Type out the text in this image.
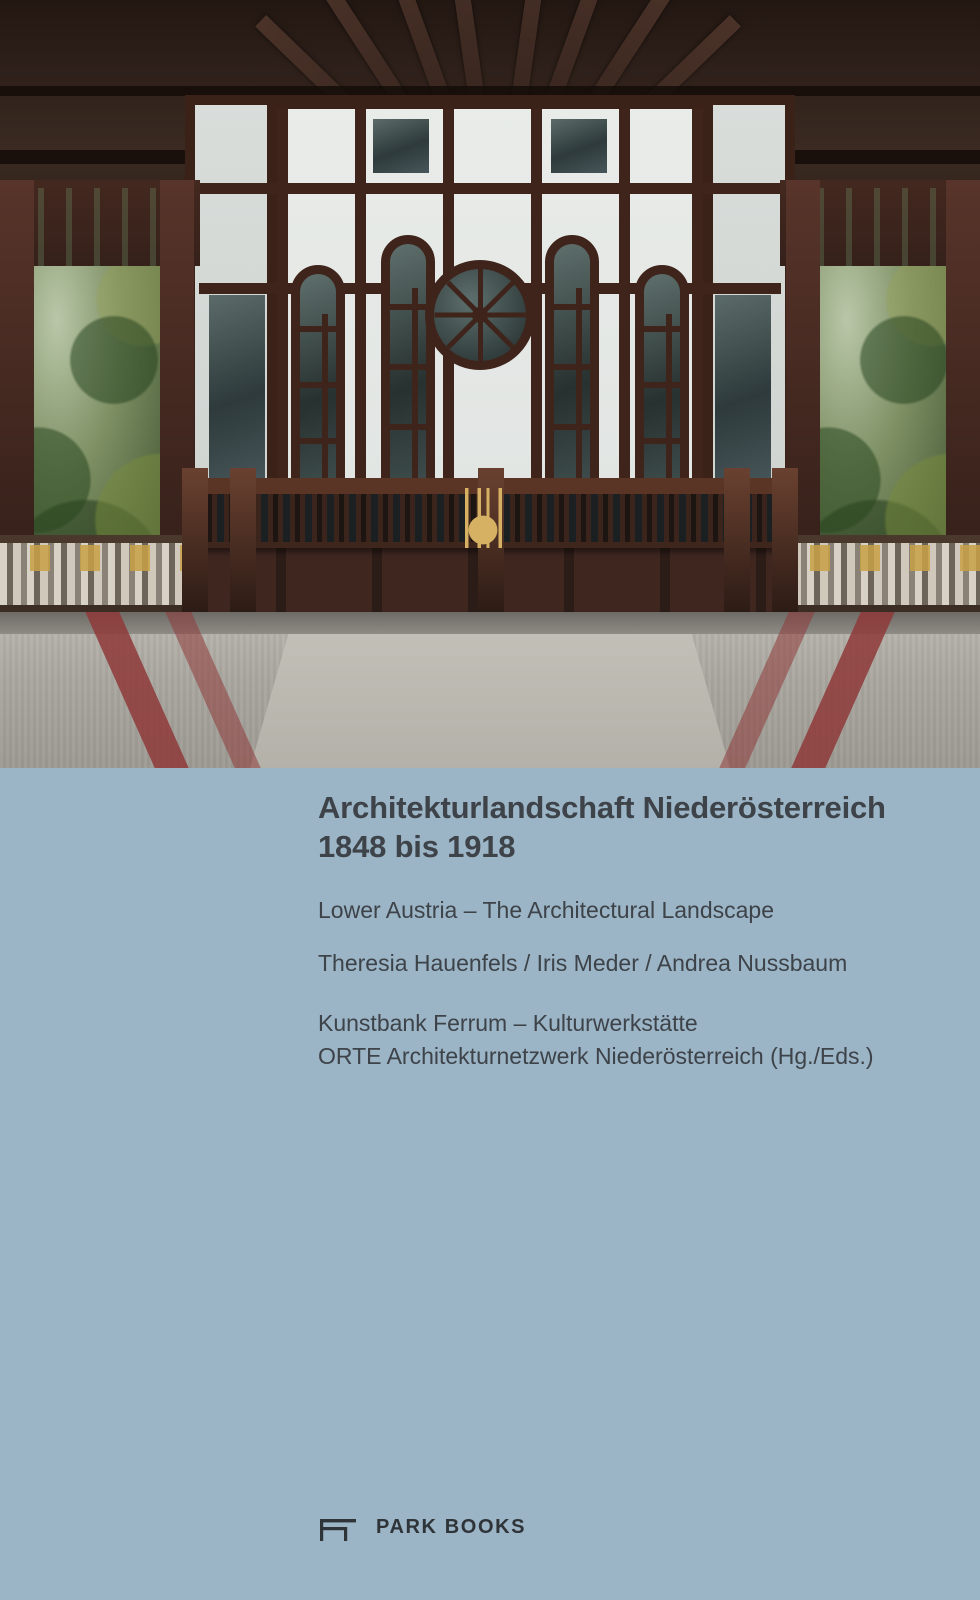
Architekturlandschaft Niederösterreich
1848 bis 1918
Lower Austria – The Architectural Landscape
Theresia Hauenfels / Iris Meder / Andrea Nussbaum
Kunstbank Ferrum – Kulturwerkstätte
ORTE Architekturnetzwerk Niederösterreich (Hg./Eds.)
PARK BOOKS
